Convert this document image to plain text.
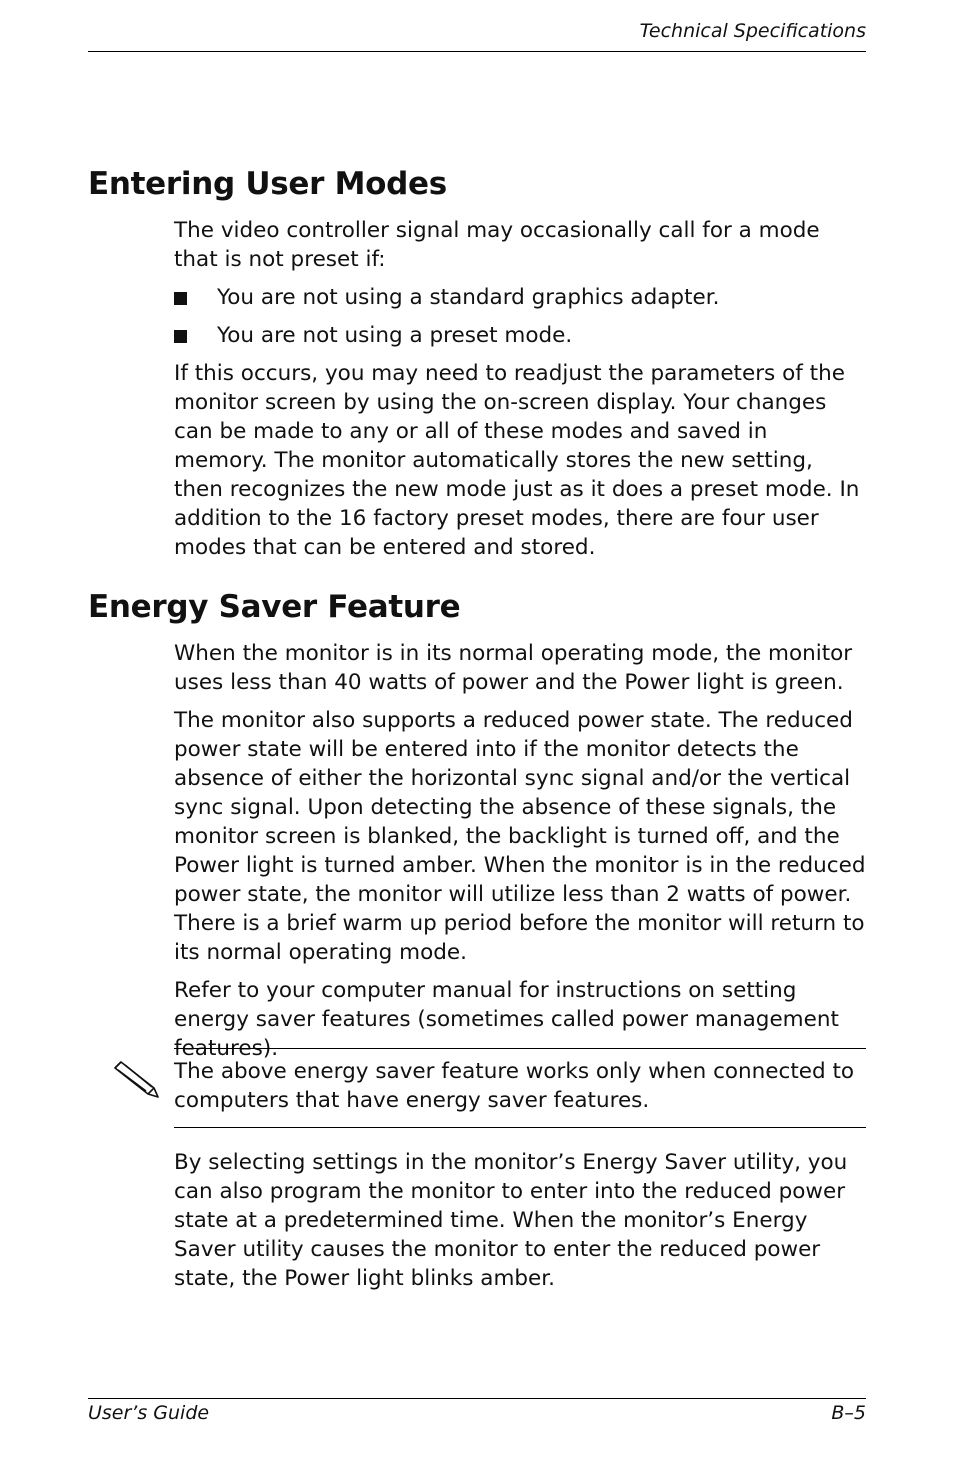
Technical Specifications
Entering User Modes

The video controller signal may occasionally call for a mode that is not preset if:

You are not using a standard graphics adapter.
You are not using a preset mode.

If this occurs, you may need to readjust the parameters of the monitor screen by using the on-screen display. Your changes can be made to any or all of these modes and saved in memory. The monitor automatically stores the new setting, then recognizes the new mode just as it does a preset mode. In addition to the 16 factory preset modes, there are four user modes that can be entered and stored.

Energy Saver Feature

When the monitor is in its normal operating mode, the monitor uses less than 40 watts of power and the Power light is green.

The monitor also supports a reduced power state. The reduced power state will be entered into if the monitor detects the absence of either the horizontal sync signal and/or the vertical sync signal. Upon detecting the absence of these signals, the monitor screen is blanked, the backlight is turned off, and the Power light is turned amber. When the monitor is in the reduced power state, the monitor will utilize less than 2 watts of power. There is a brief warm up period before the monitor will return to its normal operating mode.

Refer to your computer manual for instructions on setting energy saver features (sometimes called power management features).

The above energy saver feature works only when connected to computers that have energy saver features.

By selecting settings in the monitor’s Energy Saver utility, you can also program the monitor to enter into the reduced power state at a predetermined time. When the monitor’s Energy Saver utility causes the monitor to enter the reduced power state, the Power light blinks amber.

User’s Guide	B–5
